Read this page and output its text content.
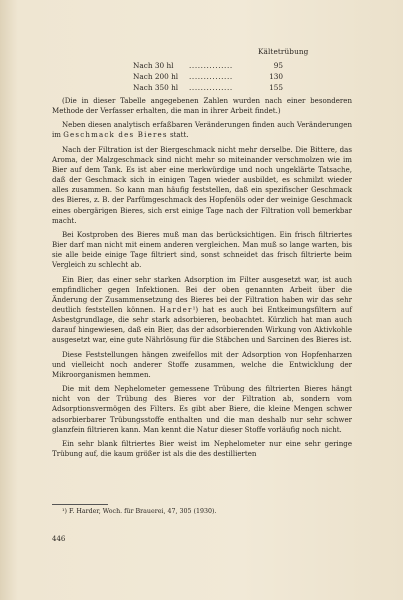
Kältetrübung
Nach 30 hl ...............	95
Nach 200 hl ...............	130
Nach 350 hl ...............	155

(Die in dieser Tabelle angegebenen Zahlen wurden nach einer besonderen Methode der Verfasser erhalten, die man in ihrer Arbeit findet.)

Neben diesen analytisch erfaßbaren Veränderungen finden auch Veränderungen im Geschmack des Bieres statt.

Nach der Filtration ist der Biergeschmack nicht mehr derselbe. Die Bittere, das Aroma, der Malzgeschmack sind nicht mehr so miteinander verschmolzen wie im Bier auf dem Tank. Es ist aber eine merkwürdige und noch ungeklärte Tatsache, daß der Geschmack sich in einigen Tagen wieder ausbildet, es schmilzt wieder alles zusammen. So kann man häufig feststellen, daß ein spezifischer Geschmack des Bieres, z. B. der Parfümgeschmack des Hopfenöls oder der weinige Geschmack eines obergärigen Bieres, sich erst einige Tage nach der Filtration voll bemerkbar macht.

Bei Kostproben des Bieres muß man das berücksichtigen. Ein frisch filtriertes Bier darf man nicht mit einem anderen vergleichen. Man muß so lange warten, bis sie alle beide einige Tage filtriert sind, sonst schneidet das frisch filtrierte beim Vergleich zu schlecht ab.

Ein Bier, das einer sehr starken Adsorption im Filter ausgesetzt war, ist auch empfindlicher gegen Infektionen. Bei der oben genannten Arbeit über die Änderung der Zusammensetzung des Bieres bei der Filtration haben wir das sehr deutlich feststellen können. Harder¹) hat es auch bei Entkeimungsfiltern auf Asbestgrundlage, die sehr stark adsorbieren, beobachtet. Kürzlich hat man auch darauf hingewiesen, daß ein Bier, das der adsorbierenden Wirkung von Aktivkohle ausgesetzt war, eine gute Nährlösung für die Stäbchen und Sarcinen des Bieres ist.

Diese Feststellungen hängen zweifellos mit der Adsorption von Hopfenharzen und vielleicht noch anderer Stoffe zusammen, welche die Entwicklung der Mikroorganismen hemmen.

Die mit dem Nephelometer gemessene Trübung des filtrierten Bieres hängt nicht von der Trübung des Bieres vor der Filtration ab, sondern vom Adsorptionsvermögen des Filters. Es gibt aber Biere, die kleine Mengen schwer adsorbierbarer Trübungsstoffe enthalten und die man deshalb nur sehr schwer glanzfein filtrieren kann. Man kennt die Natur dieser Stoffe vorläufig noch nicht.

Ein sehr blank filtriertes Bier weist im Nephelometer nur eine sehr geringe Trübung auf, die kaum größer ist als die des destillierten

¹) F. Harder, Woch. für Brauerei, 47, 305 (1930).
446
